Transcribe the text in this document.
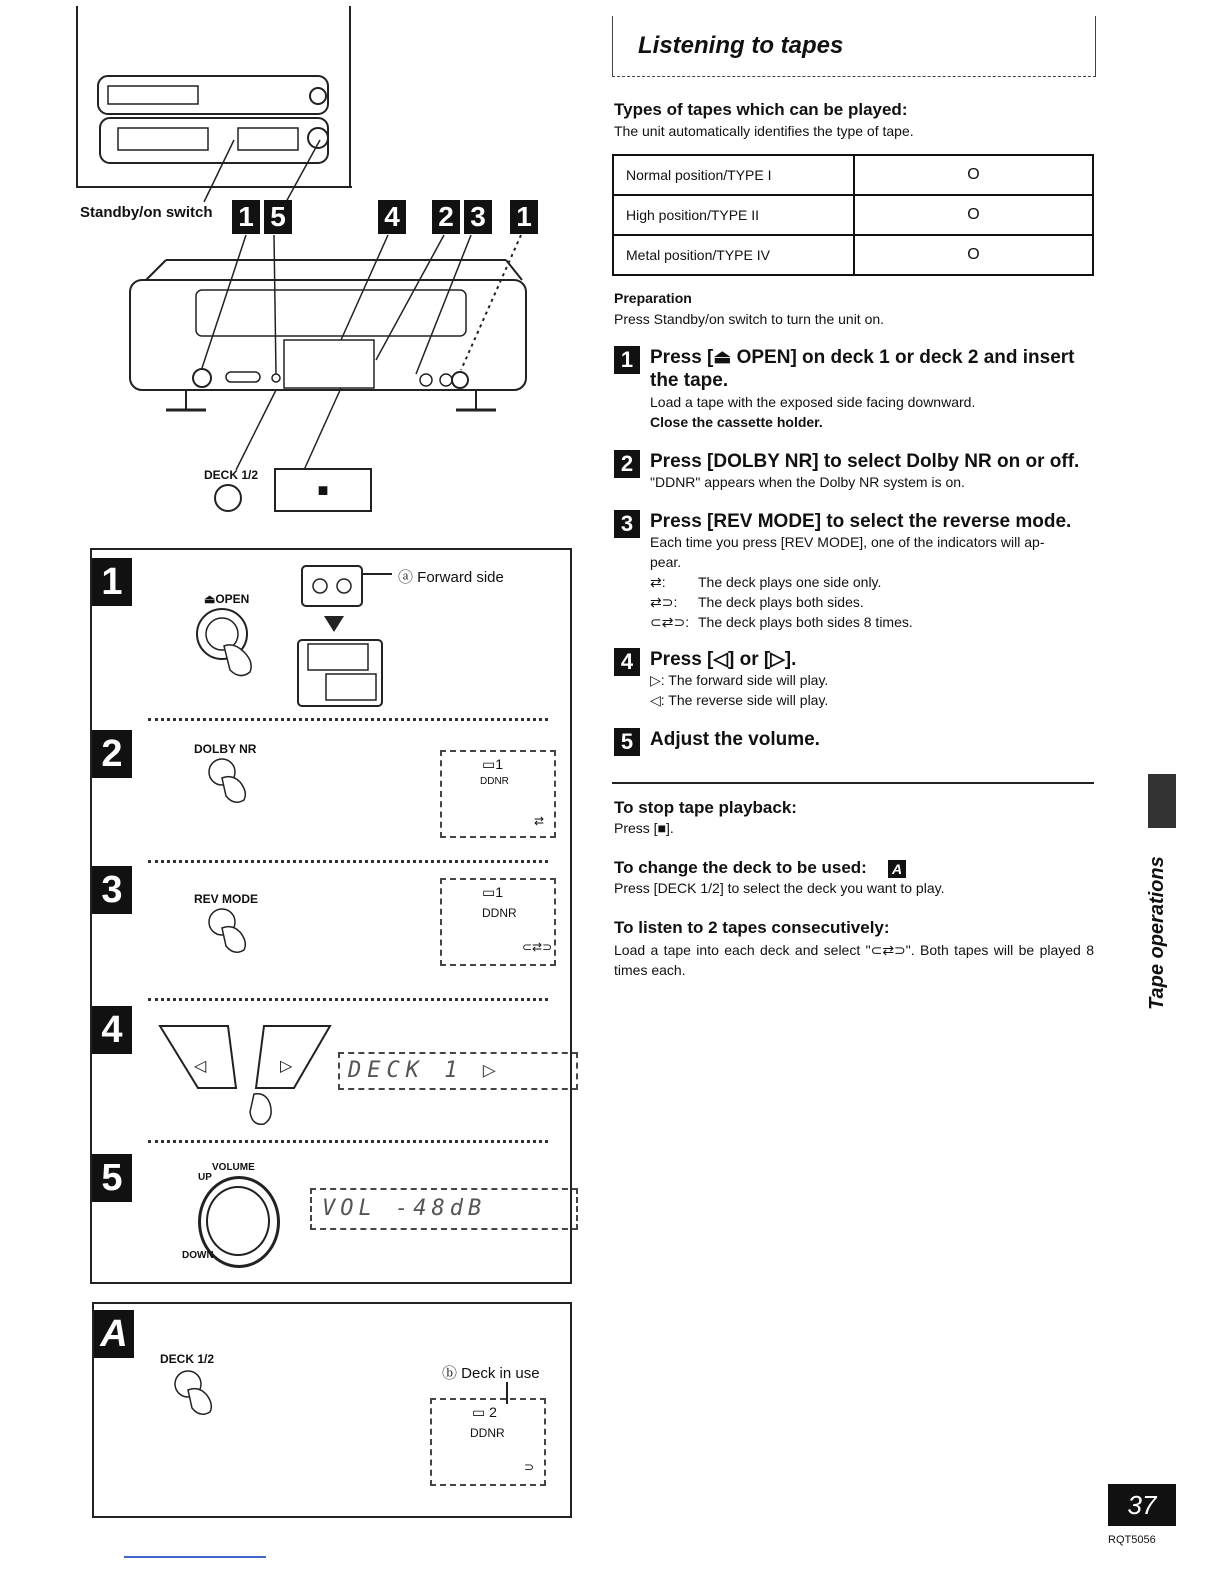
Standby/on switch 1 5	4 2 3 1
DECK 1/2
■
1	⏏OPEN
ⓐ Forward side
2	DOLBY NR
▭1
DDNR
⇄
3	REV MODE	▭1
DDNR
⊂⇄⊃
4
◁	▷	DECK 1 ▷
5	VOLUME
UP
DOWN
VOL -48dB
A
DECK 1/2
ⓑ Deck in use
▭ 2
DDNR
⊃
Listening to tapes
Types of tapes which can be played:
The unit automatically identifies the type of tape.
Normal position/TYPE I	O
High position/TYPE II	O
Metal position/TYPE IV	O
Preparation
Press Standby/on switch to turn the unit on.
1 Press [⏏ OPEN] on deck 1 or deck 2 and insert the tape.
Load a tape with the exposed side facing downward.
Close the cassette holder.
2 Press [DOLBY NR] to select Dolby NR on or off.
"DDNR" appears when the Dolby NR system is on.
3 Press [REV MODE] to select the reverse mode.
Each time you press [REV MODE], one of the indicators will ap-
pear.
⇄: The deck plays one side only.
⇄⊃: The deck plays both sides.
⊂⇄⊃: The deck plays both sides 8 times.
4 Press [◁] or [▷].
▷: The forward side will play.
◁: The reverse side will play.
5 Adjust the volume.
To stop tape playback:
Press [■].
To change the deck to be used: A
Press [DECK 1/2] to select the deck you want to play.
To listen to 2 tapes consecutively:
Load a tape into each deck and select "⊂⇄⊃". Both tapes will be played 8 times each.	Tape operations
37
RQT5056
